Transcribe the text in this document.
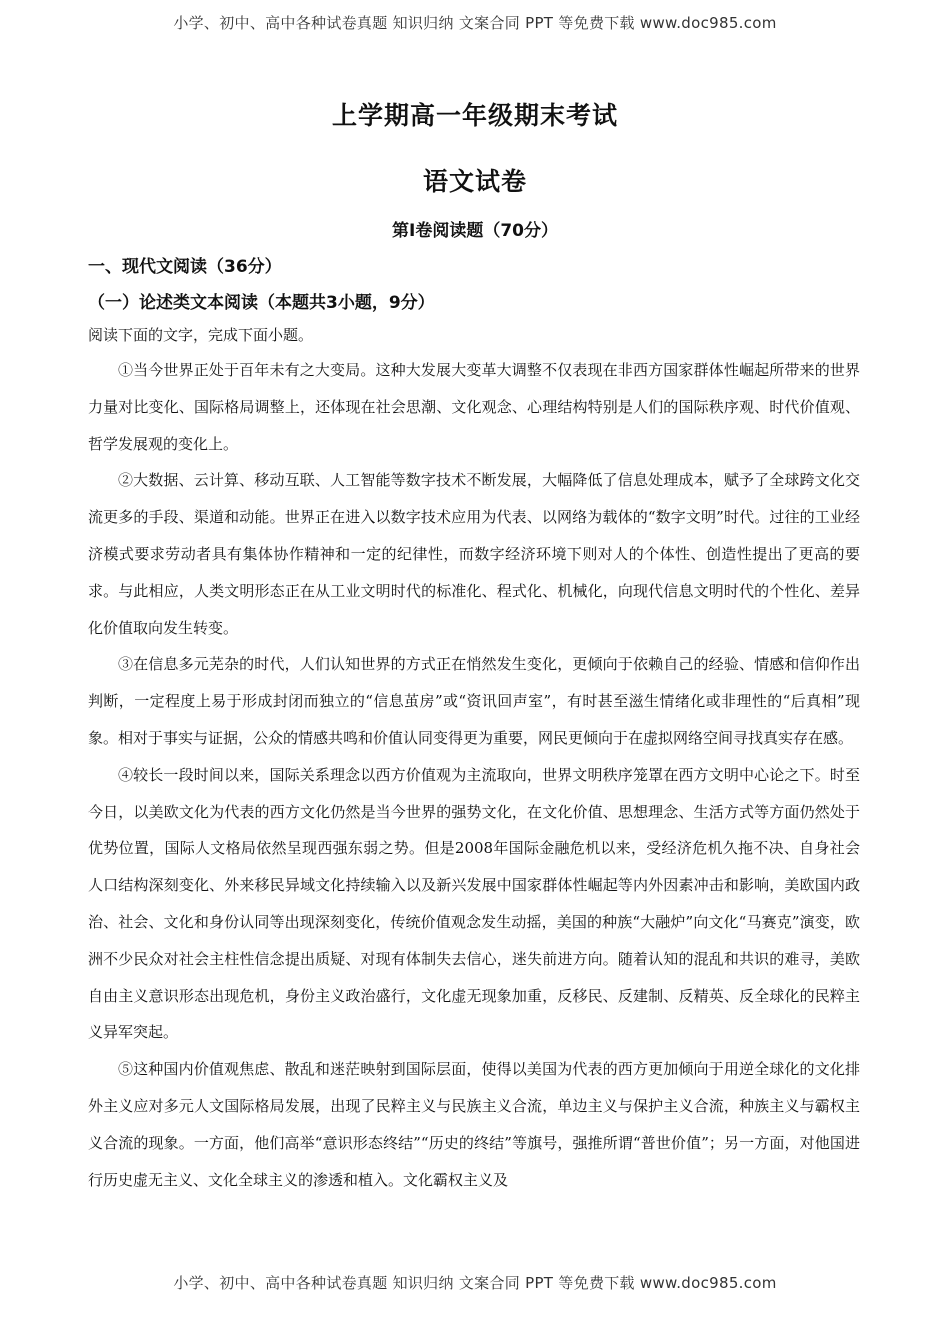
小学、初中、高中各种试卷真题 知识归纳 文案合同 PPT 等免费下载 www.doc985.com
上学期高一年级期末考试
语文试卷
第Ⅰ卷阅读题（70分）
一、现代文阅读（36分）
（一）论述类文本阅读（本题共3小题，9分）
阅读下面的文字，完成下面小题。

①当今世界正处于百年未有之大变局。这种大发展大变革大调整不仅表现在非西方国家群体性崛起所带来的世界力量对比变化、国际格局调整上，还体现在社会思潮、文化观念、心理结构特别是人们的国际秩序观、时代价值观、哲学发展观的变化上。

②大数据、云计算、移动互联、人工智能等数字技术不断发展，大幅降低了信息处理成本，赋予了全球跨文化交流更多的手段、渠道和动能。世界正在进入以数字技术应用为代表、以网络为载体的“数字文明”时代。过往的工业经济模式要求劳动者具有集体协作精神和一定的纪律性，而数字经济环境下则对人的个体性、创造性提出了更高的要求。与此相应，人类文明形态正在从工业文明时代的标准化、程式化、机械化，向现代信息文明时代的个性化、差异化价值取向发生转变。

③在信息多元芜杂的时代，人们认知世界的方式正在悄然发生变化，更倾向于依赖自己的经验、情感和信仰作出判断，一定程度上易于形成封闭而独立的“信息茧房”或“资讯回声室”，有时甚至滋生情绪化或非理性的“后真相”现象。相对于事实与证据，公众的情感共鸣和价值认同变得更为重要，网民更倾向于在虚拟网络空间寻找真实存在感。

④较长一段时间以来，国际关系理念以西方价值观为主流取向，世界文明秩序笼罩在西方文明中心论之下。时至今日，以美欧文化为代表的西方文化仍然是当今世界的强势文化，在文化价值、思想理念、生活方式等方面仍然处于优势位置，国际人文格局依然呈现西强东弱之势。但是2008年国际金融危机以来，受经济危机久拖不决、自身社会人口结构深刻变化、外来移民异域文化持续输入以及新兴发展中国家群体性崛起等内外因素冲击和影响，美欧国内政治、社会、文化和身份认同等出现深刻变化，传统价值观念发生动摇，美国的种族“大融炉”向文化“马赛克”演变，欧洲不少民众对社会主柱性信念提出质疑、对现有体制失去信心，迷失前进方向。随着认知的混乱和共识的难寻，美欧自由主义意识形态出现危机，身份主义政治盛行，文化虚无现象加重，反移民、反建制、反精英、反全球化的民粹主义异军突起。

⑤这种国内价值观焦虑、散乱和迷茫映射到国际层面，使得以美国为代表的西方更加倾向于用逆全球化的文化排外主义应对多元人文国际格局发展，出现了民粹主义与民族主义合流，单边主义与保护主义合流，种族主义与霸权主义合流的现象。一方面，他们高举“意识形态终结”“历史的终结”等旗号，强推所谓“普世价值”；另一方面，对他国进行历史虚无主义、文化全球主义的渗透和植入。文化霸权主义及

小学、初中、高中各种试卷真题 知识归纳 文案合同 PPT 等免费下载 www.doc985.com
